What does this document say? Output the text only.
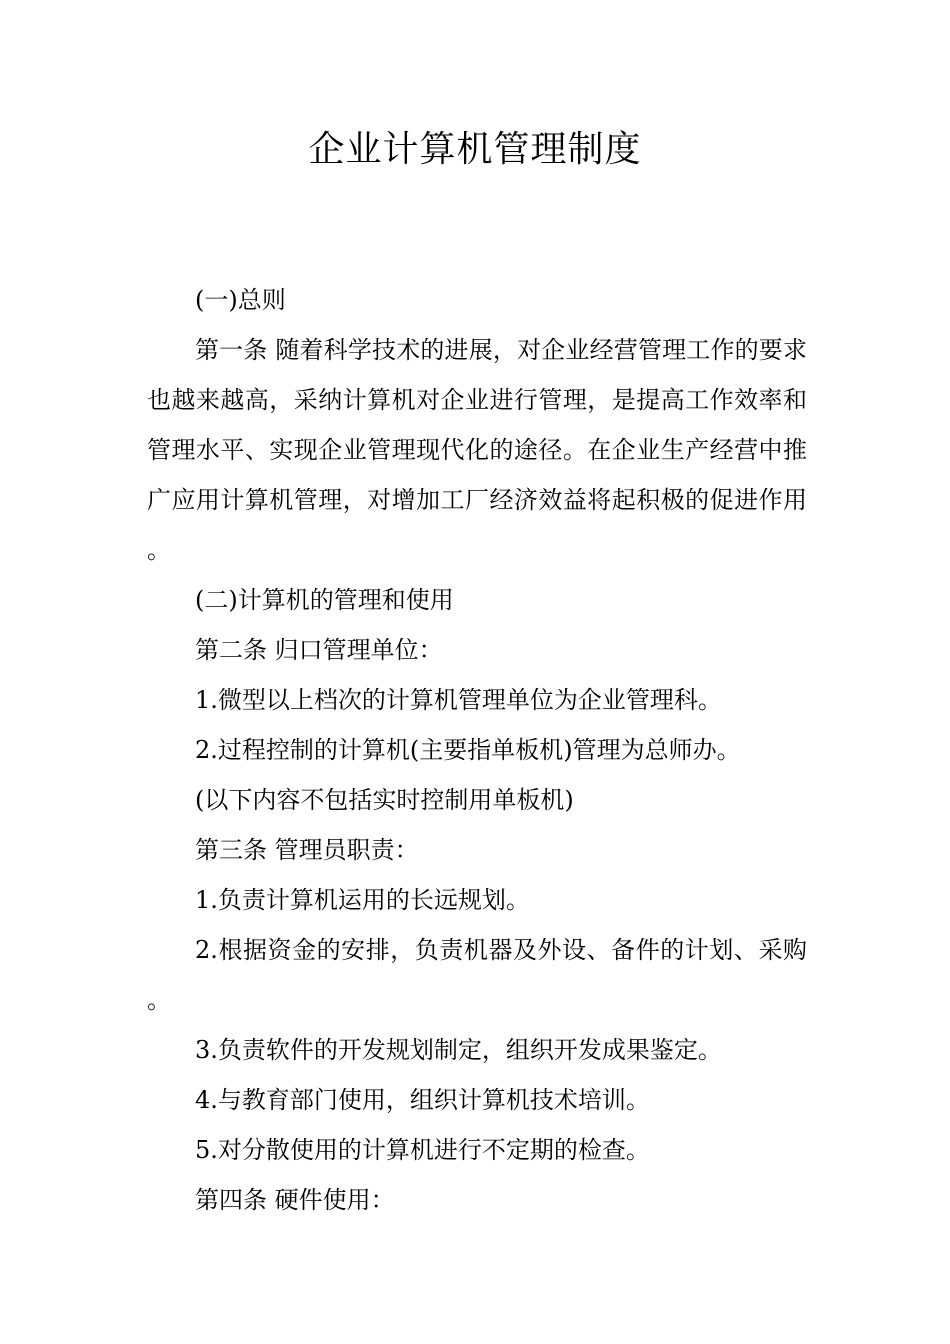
企业计算机管理制度

(一)总则

第一条 随着科学技术的进展，对企业经营管理工作的要求也越来越高，采纳计算机对企业进行管理，是提高工作效率和管理水平、实现企业管理现代化的途径。在企业生产经营中推广应用计算机管理，对增加工厂经济效益将起积极的促进作用。

(二)计算机的管理和使用

第二条 归口管理单位：

1.微型以上档次的计算机管理单位为企业管理科。

2.过程控制的计算机(主要指单板机)管理为总师办。

(以下内容不包括实时控制用单板机)

第三条 管理员职责：

1.负责计算机运用的长远规划。

2.根据资金的安排，负责机器及外设、备件的计划、采购。

3.负责软件的开发规划制定，组织开发成果鉴定。

4.与教育部门使用，组织计算机技术培训。

5.对分散使用的计算机进行不定期的检查。

第四条 硬件使用：
